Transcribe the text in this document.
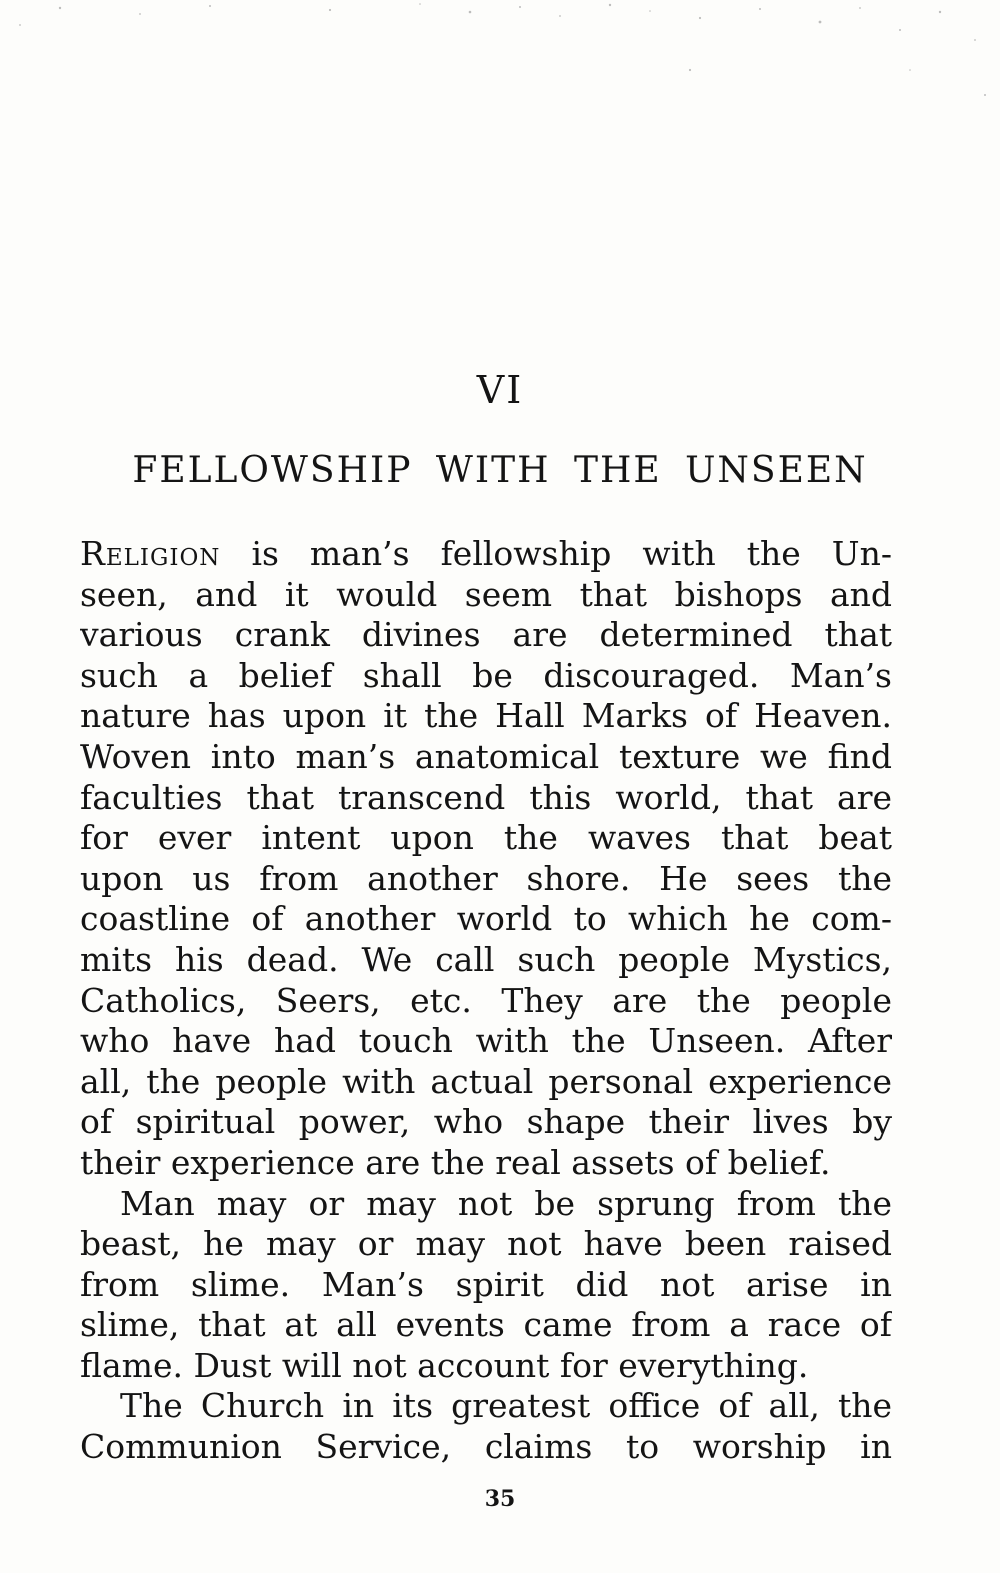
VI
FELLOWSHIP WITH THE UNSEEN
Religion is man’s fellowship with the Un-
seen, and it would seem that bishops and
various crank divines are determined that
such a belief shall be discouraged. Man’s
nature has upon it the Hall Marks of Heaven.
Woven into man’s anatomical texture we find
faculties that transcend this world, that are
for ever intent upon the waves that beat
upon us from another shore. He sees the
coastline of another world to which he com-
mits his dead. We call such people Mystics,
Catholics, Seers, etc. They are the people
who have had touch with the Unseen. After
all, the people with actual personal experience
of spiritual power, who shape their lives by
their experience are the real assets of belief.
Man may or may not be sprung from the
beast, he may or may not have been raised
from slime. Man’s spirit did not arise in
slime, that at all events came from a race of
flame. Dust will not account for everything.
The Church in its greatest office of all, the
Communion Service, claims to worship in
35
